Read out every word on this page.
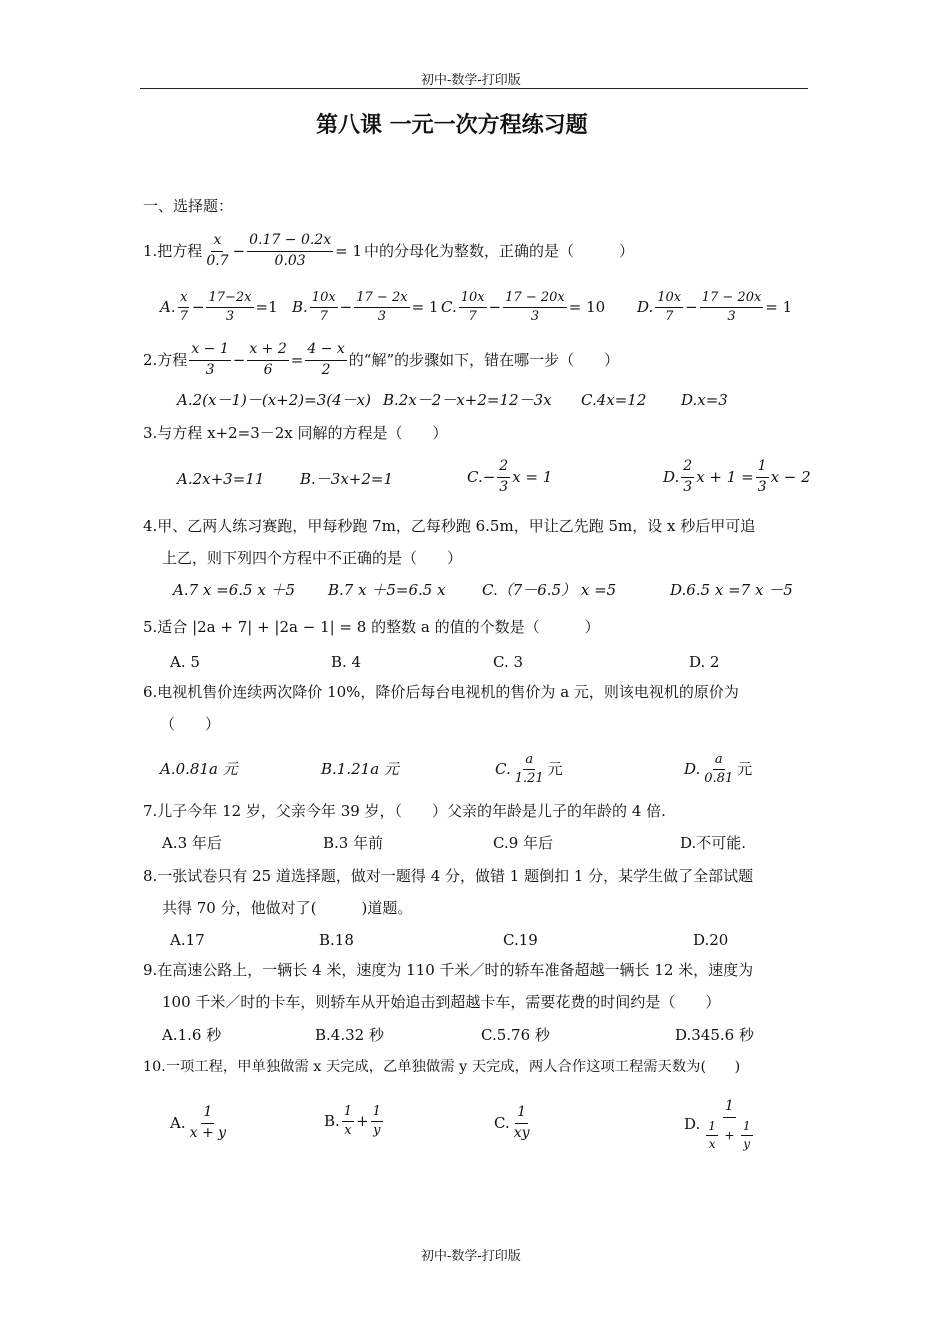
初中-数学-打印版
第八课 一元一次方程练习题
一、选择题：
1.把方程 $\frac{x}{0.7} - \frac{0.17 - 0.2x}{0.03} = 1$ 中的分母化为整数，正确的是（　　　）
A. $\frac{x}{7} - \frac{17-2x}{3} =1$ B. $\frac{10x}{7} - \frac{17 - 2x}{3} = 1$ C. $\frac{10x}{7} - \frac{17 - 20x}{3} = 10$ D. $\frac{10x}{7} - \frac{17 - 20x}{3} = 1$
2.方程 $\frac{x - 1}{3} - \frac{x + 2}{6} = \frac{4 - x}{2}$ 的“解”的步骤如下，错在哪一步（　　）
A.2(x－1)－(x+2)=3(4－x) B.2x－2－x+2=12－3x C.4x=12 D.x=3
3.与方程 x+2=3－2x 同解的方程是（　　）
A.2x+3=11 B.－3x+2=1	C. − $\frac{2}{3}$ x = 1	D. $\frac{2}{3}$ $x + 1 = \frac{1}{3}$ x − 2
4.甲、乙两人练习赛跑，甲每秒跑 7m，乙每秒跑 6.5m，甲让乙先跑 5m，设 x 秒后甲可追
上乙，则下列四个方程中不正确的是（　　）
A.7 x =6.5 x ＋5 B.7 x ＋5=6.5 x C.（7－6.5） x =5	D.6.5 x =7 x －5
5.适合 |2a + 7| + |2a − 1| = 8 的整数 a 的值的个数是（　　　）
A. 5	B. 4	C. 3	D. 2
6.电视机售价连续两次降价 10%，降价后每台电视机的售价为 a 元，则该电视机的原价为
（　　）
A.0.81a 元	B.1.21a 元	C. $\frac{a}{1.21}$ 元	D. $\frac{a}{0.81}$ 元
7.儿子今年 12 岁，父亲今年 39 岁，（　　）父亲的年龄是儿子的年龄的 4 倍.
A.3 年后	B.3 年前	C.9 年后	D.不可能.
8.一张试卷只有 25 道选择题，做对一题得 4 分，做错 1 题倒扣 1 分，某学生做了全部试题
共得 70 分，他做对了(　　　)道题。
A.17	B.18	C.19	D.20
9.在高速公路上，一辆长 4 米，速度为 110 千米／时的轿车准备超越一辆长 12 米，速度为
100 千米／时的卡车，则轿车从开始追击到超越卡车，需要花费的时间约是（　　）
A.1.6 秒	B.4.32 秒	C.5.76 秒	D.345.6 秒
10.一项工程，甲单独做需 x 天完成，乙单独做需 y 天完成，两人合作这项工程需天数为(　　)
A. $\frac{1}{x + y}$	B. $\frac{1}{x} + \frac{1}{y}$	C. $\frac{1}{xy}$	D. $\frac{1}{\frac{1}{x} + \frac{1}{y}}$
初中-数学-打印版
